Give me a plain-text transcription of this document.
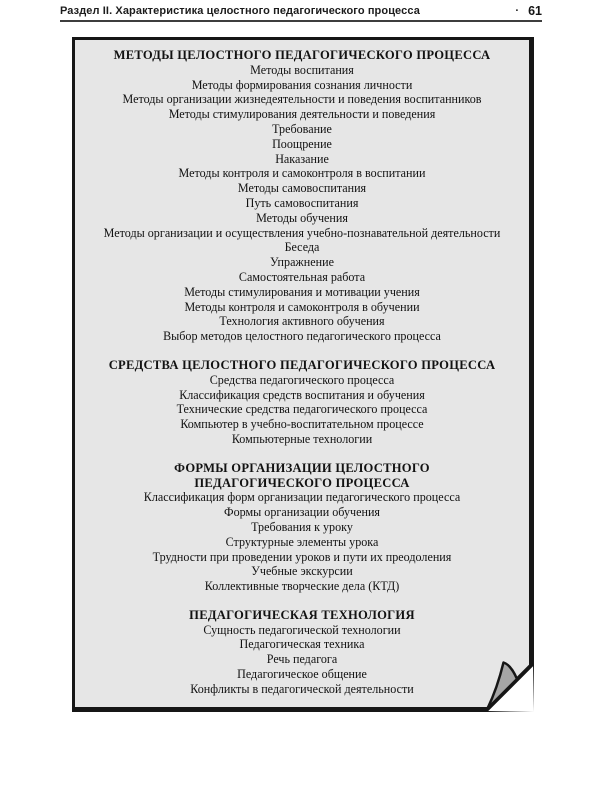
Раздел II. Характеристика целостного педагогического процесса	· 61
МЕТОДЫ ЦЕЛОСТНОГО ПЕДАГОГИЧЕСКОГО ПРОЦЕССА
Методы воспитания
Методы формирования сознания личности
Методы организации жизнедеятельности и поведения воспитанников
Методы стимулирования деятельности и поведения
Требование
Поощрение
Наказание
Методы контроля и самоконтроля в воспитании
Методы самовоспитания
Путь самовоспитания
Методы обучения
Методы организации и осуществления учебно-познавательной деятельности
Беседа
Упражнение
Самостоятельная работа
Методы стимулирования и мотивации учения
Методы контроля и самоконтроля в обучении
Технология активного обучения
Выбор методов целостного педагогического процесса
СРЕДСТВА ЦЕЛОСТНОГО ПЕДАГОГИЧЕСКОГО ПРОЦЕССА
Средства педагогического процесса
Классификация средств воспитания и обучения
Технические средства педагогического процесса
Компьютер в учебно-воспитательном процессе
Компьютерные технологии
ФОРМЫ ОРГАНИЗАЦИИ ЦЕЛОСТНОГО
ПЕДАГОГИЧЕСКОГО ПРОЦЕССА
Классификация форм организации педагогического процесса
Формы организации обучения
Требования к уроку
Структурные элементы урока
Трудности при проведении уроков и пути их преодоления
Учебные экскурсии
Коллективные творческие дела (КТД)
ПЕДАГОГИЧЕСКАЯ ТЕХНОЛОГИЯ
Сущность педагогической технологии
Педагогическая техника
Речь педагога
Педагогическое общение
Конфликты в педагогической деятельности
